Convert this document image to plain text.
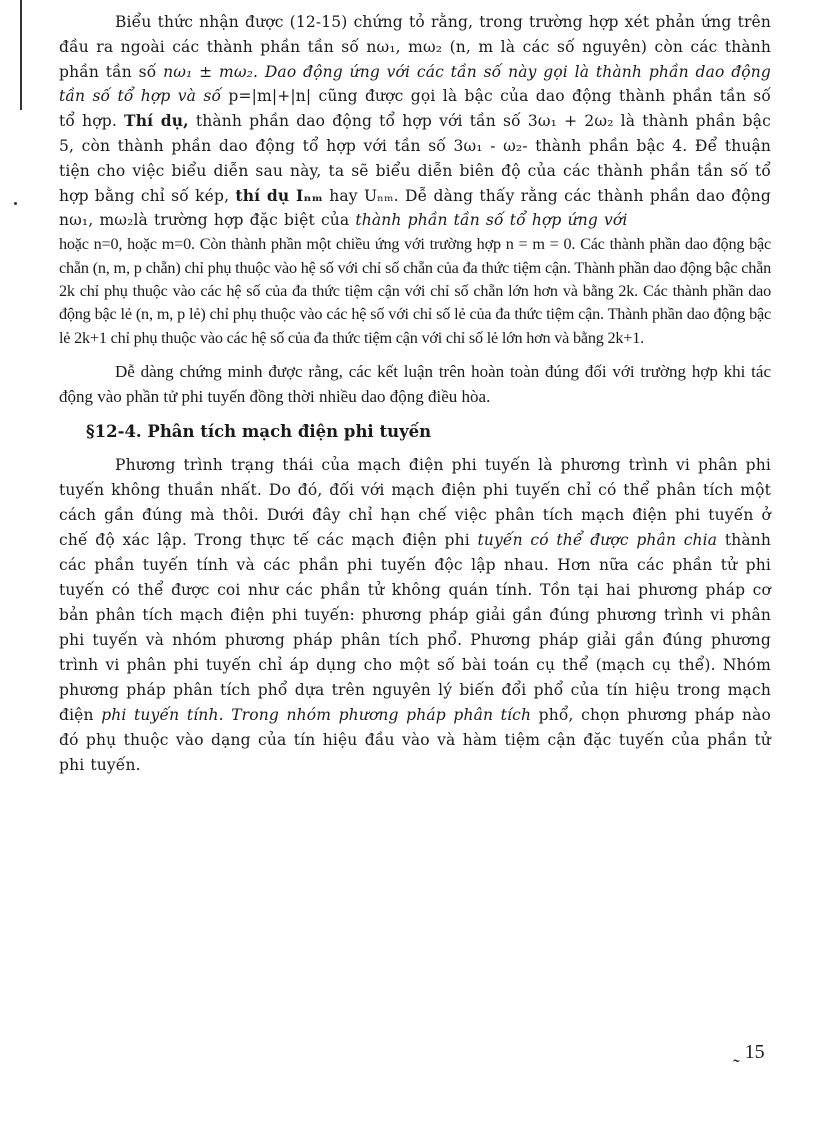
Biểu thức nhận được (12-15) chứng tỏ rằng, trong trường hợp xét phản ứng trên đầu ra ngoài các thành phần tần số nω₁, mω₂ (n, m là các số nguyên) còn các thành phần tần số nω₁ ± mω₂. Dao động ứng với các tần số này gọi là thành phần dao động tần số tổ hợp và số p=|m|+|n| cũng được gọi là bậc của dao động thành phần tần số tổ hợp. Thí dụ, thành phần dao động tổ hợp với tần số 3ω₁ + 2ω₂ là thành phần bậc 5, còn thành phần dao động tổ hợp với tần số 3ω₁ - ω₂- thành phần bậc 4. Để thuận tiện cho việc biểu diễn sau này, ta sẽ biểu diễn biên độ của các thành phần tần số tổ hợp bằng chỉ số kép, thí dụ Iₙₘ hay Uₙₘ. Dễ dàng thấy rằng các thành phần dao động nω₁, mω₂là trường hợp đặc biệt của thành phần tần số tổ hợp ứng với

hoặc n=0, hoặc m=0. Còn thành phần một chiều ứng với trường hợp n = m = 0. Các thành phần dao động bậc chẵn (n, m, p chẵn) chỉ phụ thuộc vào hệ số với chỉ số chẵn của đa thức tiệm cận. Thành phần dao động bậc chẵn 2k chỉ phụ thuộc vào các hệ số của đa thức tiệm cận với chỉ số chẵn lớn hơn và bằng 2k. Các thành phần dao động bậc lẻ (n, m, p lẻ) chỉ phụ thuộc vào các hệ số với chỉ số lẻ của đa thức tiệm cận. Thành phần dao động bậc lẻ 2k+1 chỉ phụ thuộc vào các hệ số của đa thức tiệm cận với chỉ số lẻ lớn hơn và bằng 2k+1.

Dễ dàng chứng minh được rằng, các kết luận trên hoàn toàn đúng đối với trường hợp khi tác động vào phần tử phi tuyến đồng thời nhiều dao động điều hòa.

§12-4. Phân tích mạch điện phi tuyến

Phương trình trạng thái của mạch điện phi tuyến là phương trình vi phân phi tuyến không thuần nhất. Do đó, đối với mạch điện phi tuyến chỉ có thể phân tích một cách gần đúng mà thôi. Dưới đây chỉ hạn chế việc phân tích mạch điện phi tuyến ở chế độ xác lập. Trong thực tế các mạch điện phi tuyến có thể được phân chia thành các phần tuyến tính và các phần phi tuyến độc lập nhau. Hơn nữa các phần tử phi tuyến có thể được coi như các phần tử không quán tính. Tồn tại hai phương pháp cơ bản phân tích mạch điện phi tuyến: phương pháp giải gần đúng phương trình vi phân phi tuyến và nhóm phương pháp phân tích phổ. Phương pháp giải gần đúng phương trình vi phân phi tuyến chỉ áp dụng cho một số bài toán cụ thể (mạch cụ thể). Nhóm phương pháp phân tích phổ dựa trên nguyên lý biến đổi phổ của tín hiệu trong mạch điện phi tuyến tính. Trong nhóm phương pháp phân tích phổ, chọn phương pháp nào đó phụ thuộc vào dạng của tín hiệu đầu vào và hàm tiệm cận đặc tuyến của phần tử phi tuyến.

˷ 15
